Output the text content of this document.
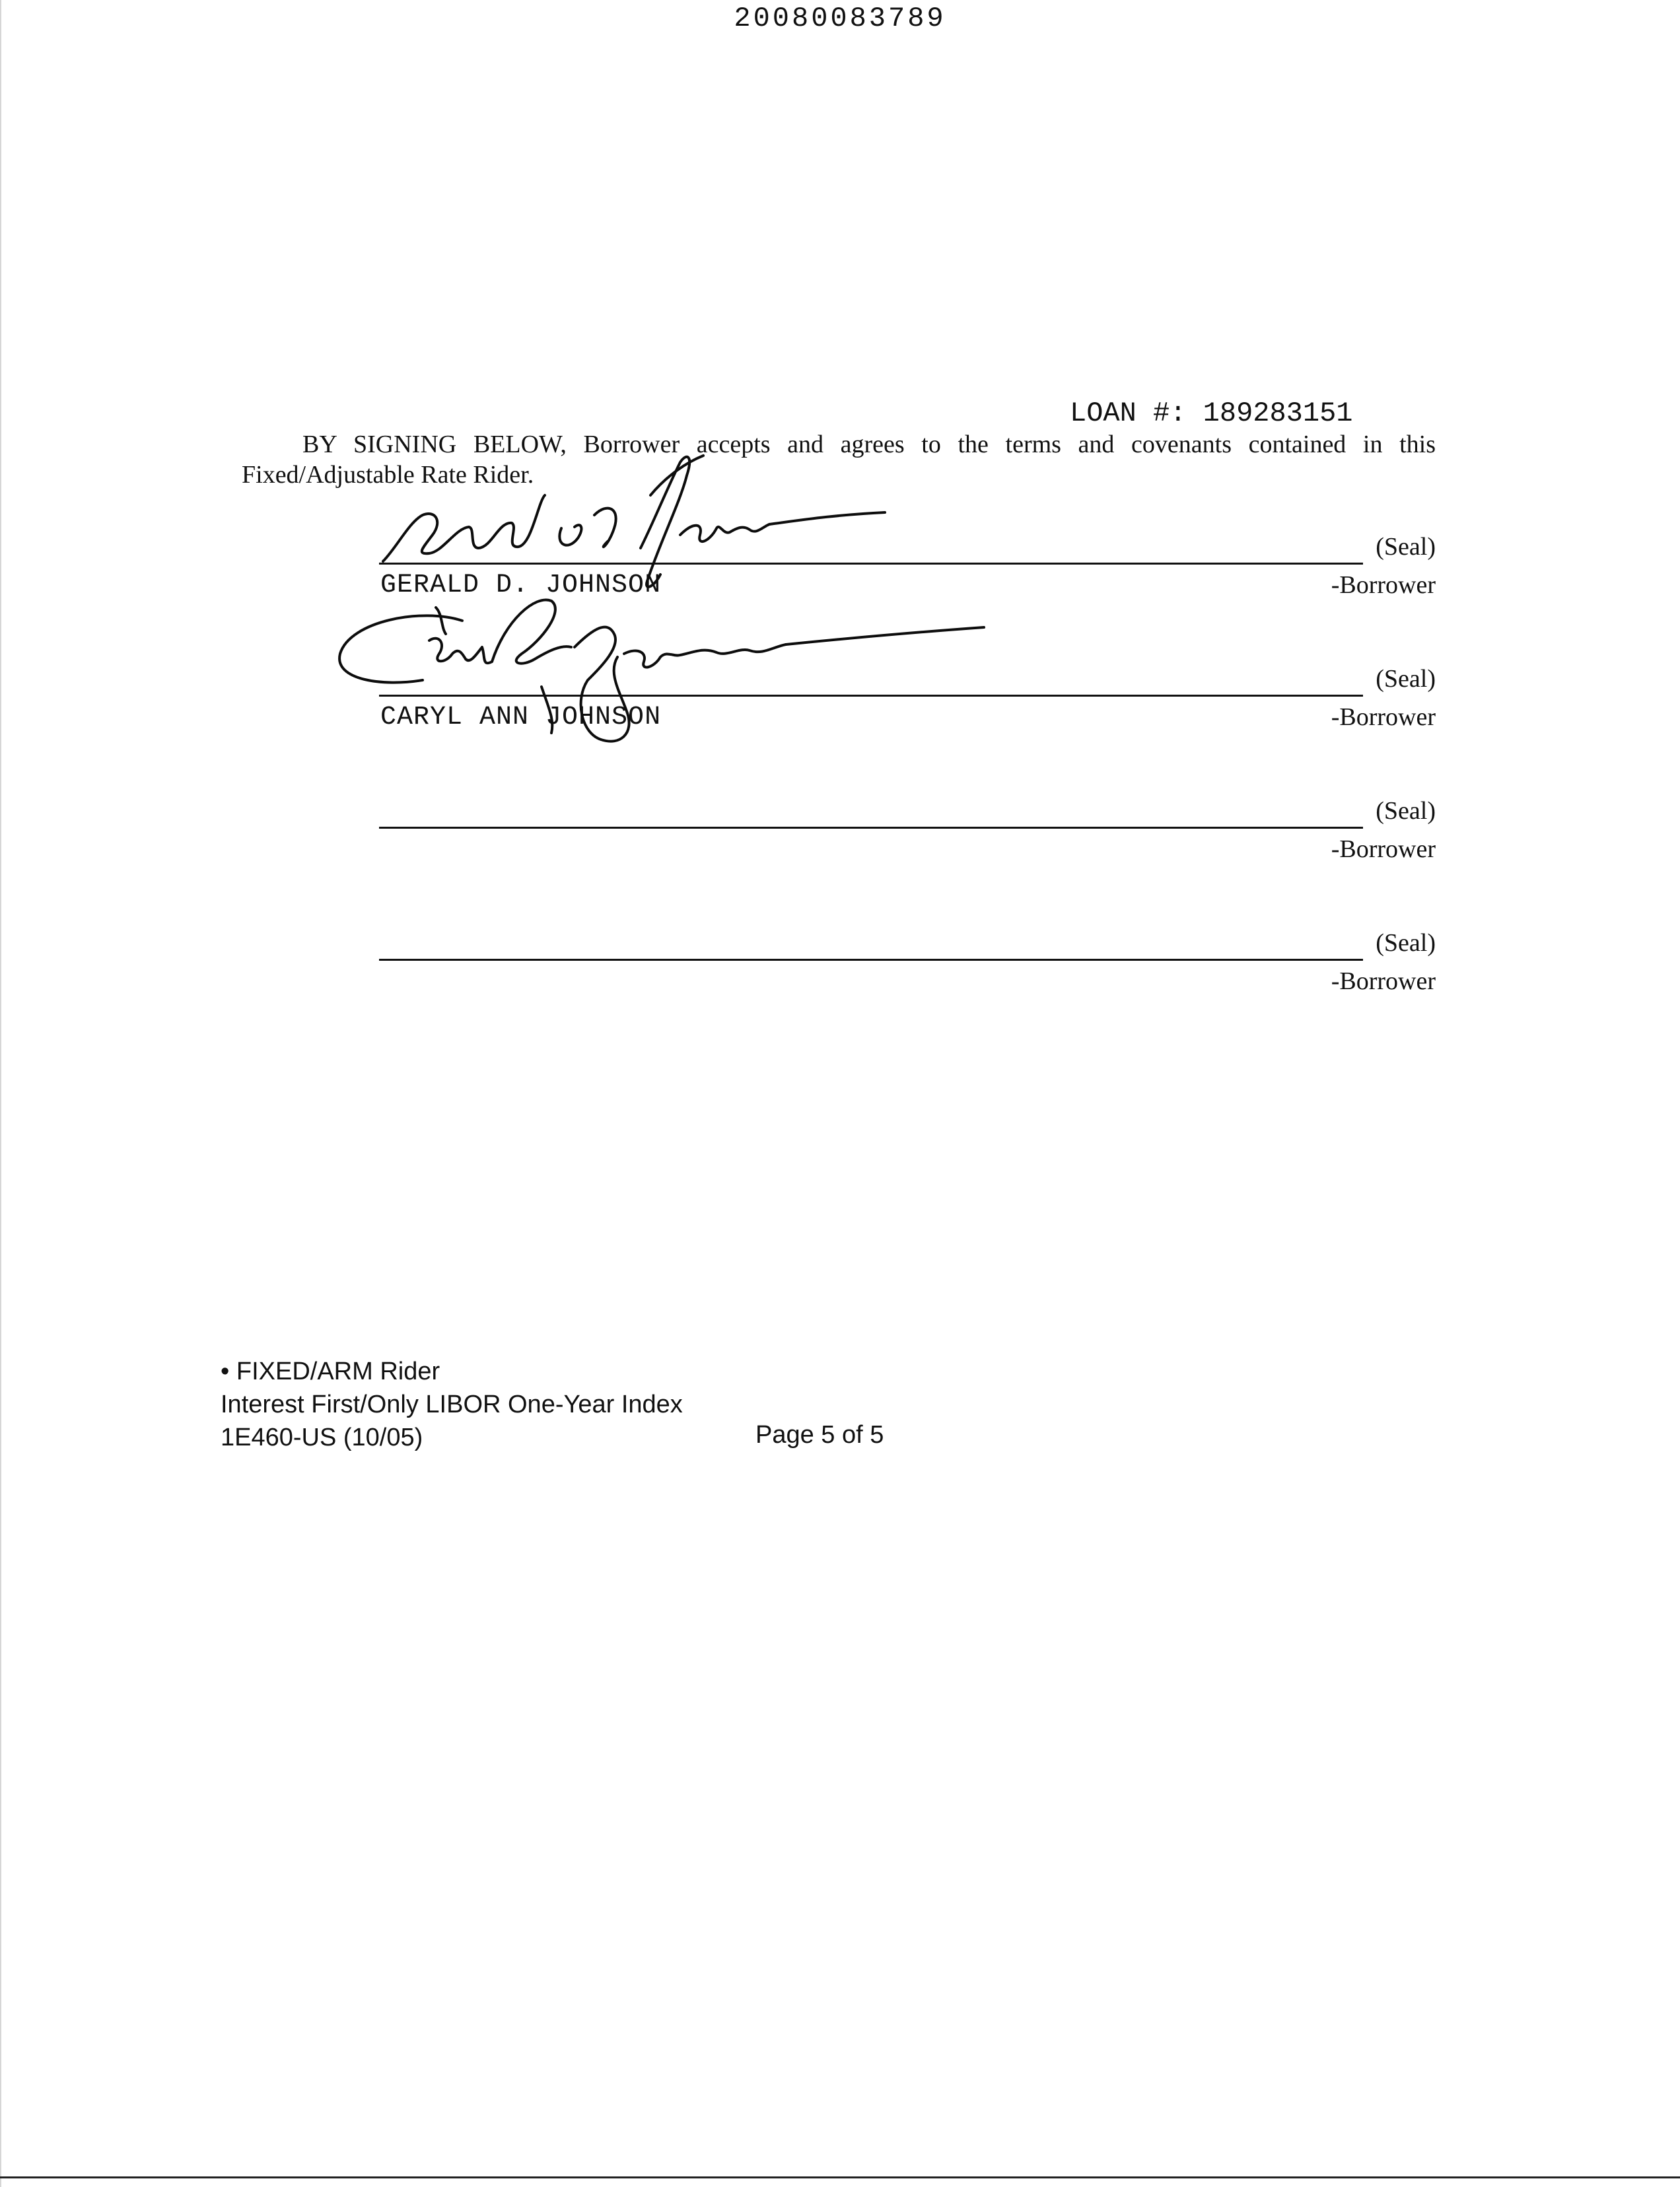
20080083789
LOAN #: 189283151
BY SIGNING BELOW, Borrower accepts and agrees to the terms and covenants contained in this
Fixed/Adjustable Rate Rider.
(Seal)
-Borrower
GERALD D. JOHNSON
(Seal)
-Borrower
CARYL ANN JOHNSON
(Seal)
-Borrower
(Seal)
-Borrower
• FIXED/ARM Rider
Interest First/Only LIBOR One-Year Index
1E460-US (10/05)	Page 5 of 5
